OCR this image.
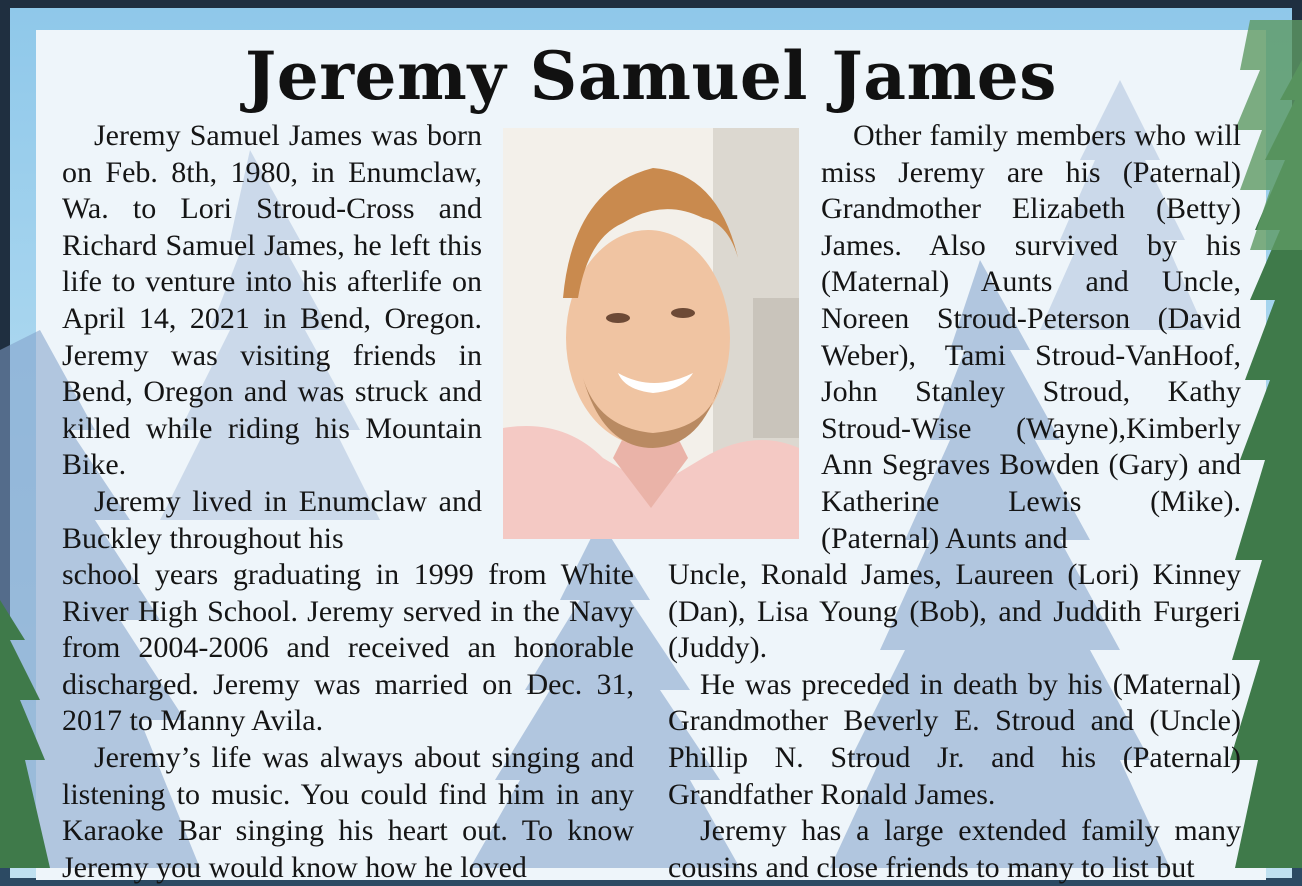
Jeremy Samuel James

Jeremy Samuel James was born on Feb. 8th, 1980, in Enumclaw, Wa. to Lori Stroud-Cross and Richard Samuel James, he left this life to venture into his afterlife on April 14, 2021 in Bend, Oregon. Jeremy was visiting friends in Bend, Oregon and was struck and killed while riding his Mountain Bike.

Jeremy lived in Enumclaw and Buckley throughout his

Other family members who will miss Jeremy are his (Paternal) Grandmother Elizabeth (Betty) James. Also survived by his (Maternal) Aunts and Uncle, Noreen Stroud-Peterson (David Weber), Tami Stroud-VanHoof, John Stanley Stroud, Kathy Stroud-Wise (Wayne),Kimberly Ann Segraves Bowden (Gary) and Katherine Lewis (Mike). (Paternal) Aunts and

school years graduating in 1999 from White River High School. Jeremy served in the Navy from 2004-2006 and received an honorable discharged. Jeremy was married on Dec. 31, 2017 to Manny Avila.

Jeremy’s life was always about singing and listening to music. You could find him in any Karaoke Bar singing his heart out. To know Jeremy you would know how he loved

Uncle, Ronald James, Laureen (Lori) Kinney (Dan), Lisa Young (Bob), and Juddith Furgeri (Juddy).

He was preceded in death by his (Maternal) Grandmother Beverly E. Stroud and (Uncle) Phillip N. Stroud Jr. and his (Paternal) Grandfather Ronald James.

Jeremy has a large extended family many cousins and close friends to many to list but
